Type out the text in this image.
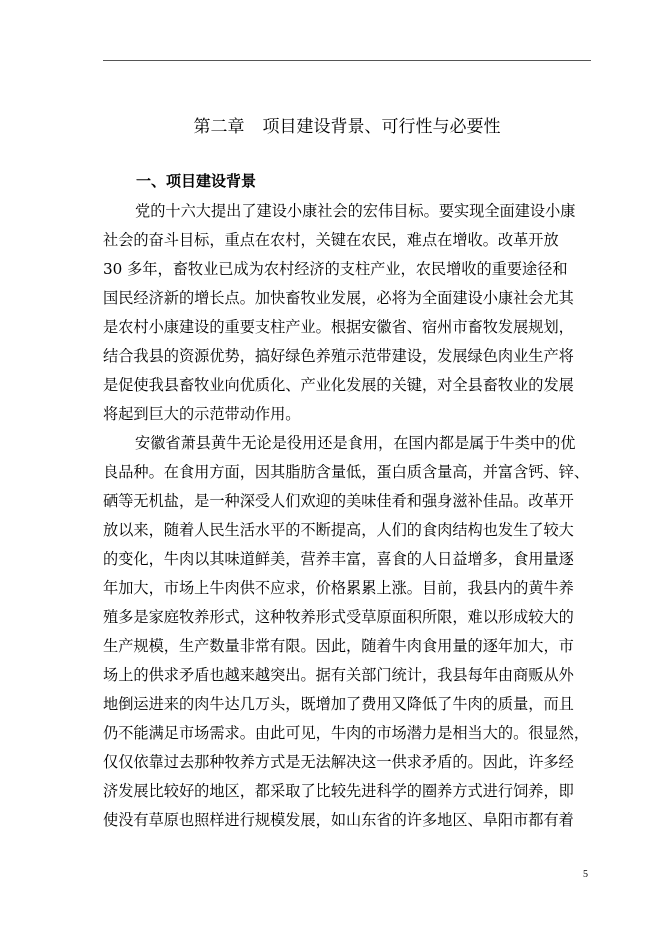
第二章 项目建设背景、可行性与必要性
一、项目建设背景
党的十六大提出了建设小康社会的宏伟目标。要实现全面建设小康
社会的奋斗目标，重点在农村，关键在农民，难点在增收。改革开放
30 多年，畜牧业已成为农村经济的支柱产业，农民增收的重要途径和
国民经济新的增长点。加快畜牧业发展，必将为全面建设小康社会尤其
是农村小康建设的重要支柱产业。根据安徽省、宿州市畜牧发展规划，
结合我县的资源优势，搞好绿色养殖示范带建设，发展绿色肉业生产将
是促使我县畜牧业向优质化、产业化发展的关键，对全县畜牧业的发展
将起到巨大的示范带动作用。
安徽省萧县黄牛无论是役用还是食用，在国内都是属于牛类中的优
良品种。在食用方面，因其脂肪含量低，蛋白质含量高，并富含钙、锌、
硒等无机盐，是一种深受人们欢迎的美味佳肴和强身滋补佳品。改革开
放以来，随着人民生活水平的不断提高，人们的食肉结构也发生了较大
的变化，牛肉以其味道鲜美，营养丰富，喜食的人日益增多，食用量逐
年加大，市场上牛肉供不应求，价格累累上涨。目前，我县内的黄牛养
殖多是家庭牧养形式，这种牧养形式受草原面积所限，难以形成较大的
生产规模，生产数量非常有限。因此，随着牛肉食用量的逐年加大，市
场上的供求矛盾也越来越突出。据有关部门统计，我县每年由商贩从外
地倒运进来的肉牛达几万头，既增加了费用又降低了牛肉的质量，而且
仍不能满足市场需求。由此可见，牛肉的市场潜力是相当大的。很显然，
仅仅依靠过去那种牧养方式是无法解决这一供求矛盾的。因此，许多经
济发展比较好的地区，都采取了比较先进科学的圈养方式进行饲养，即
使没有草原也照样进行规模发展，如山东省的许多地区、阜阳市都有着
5
